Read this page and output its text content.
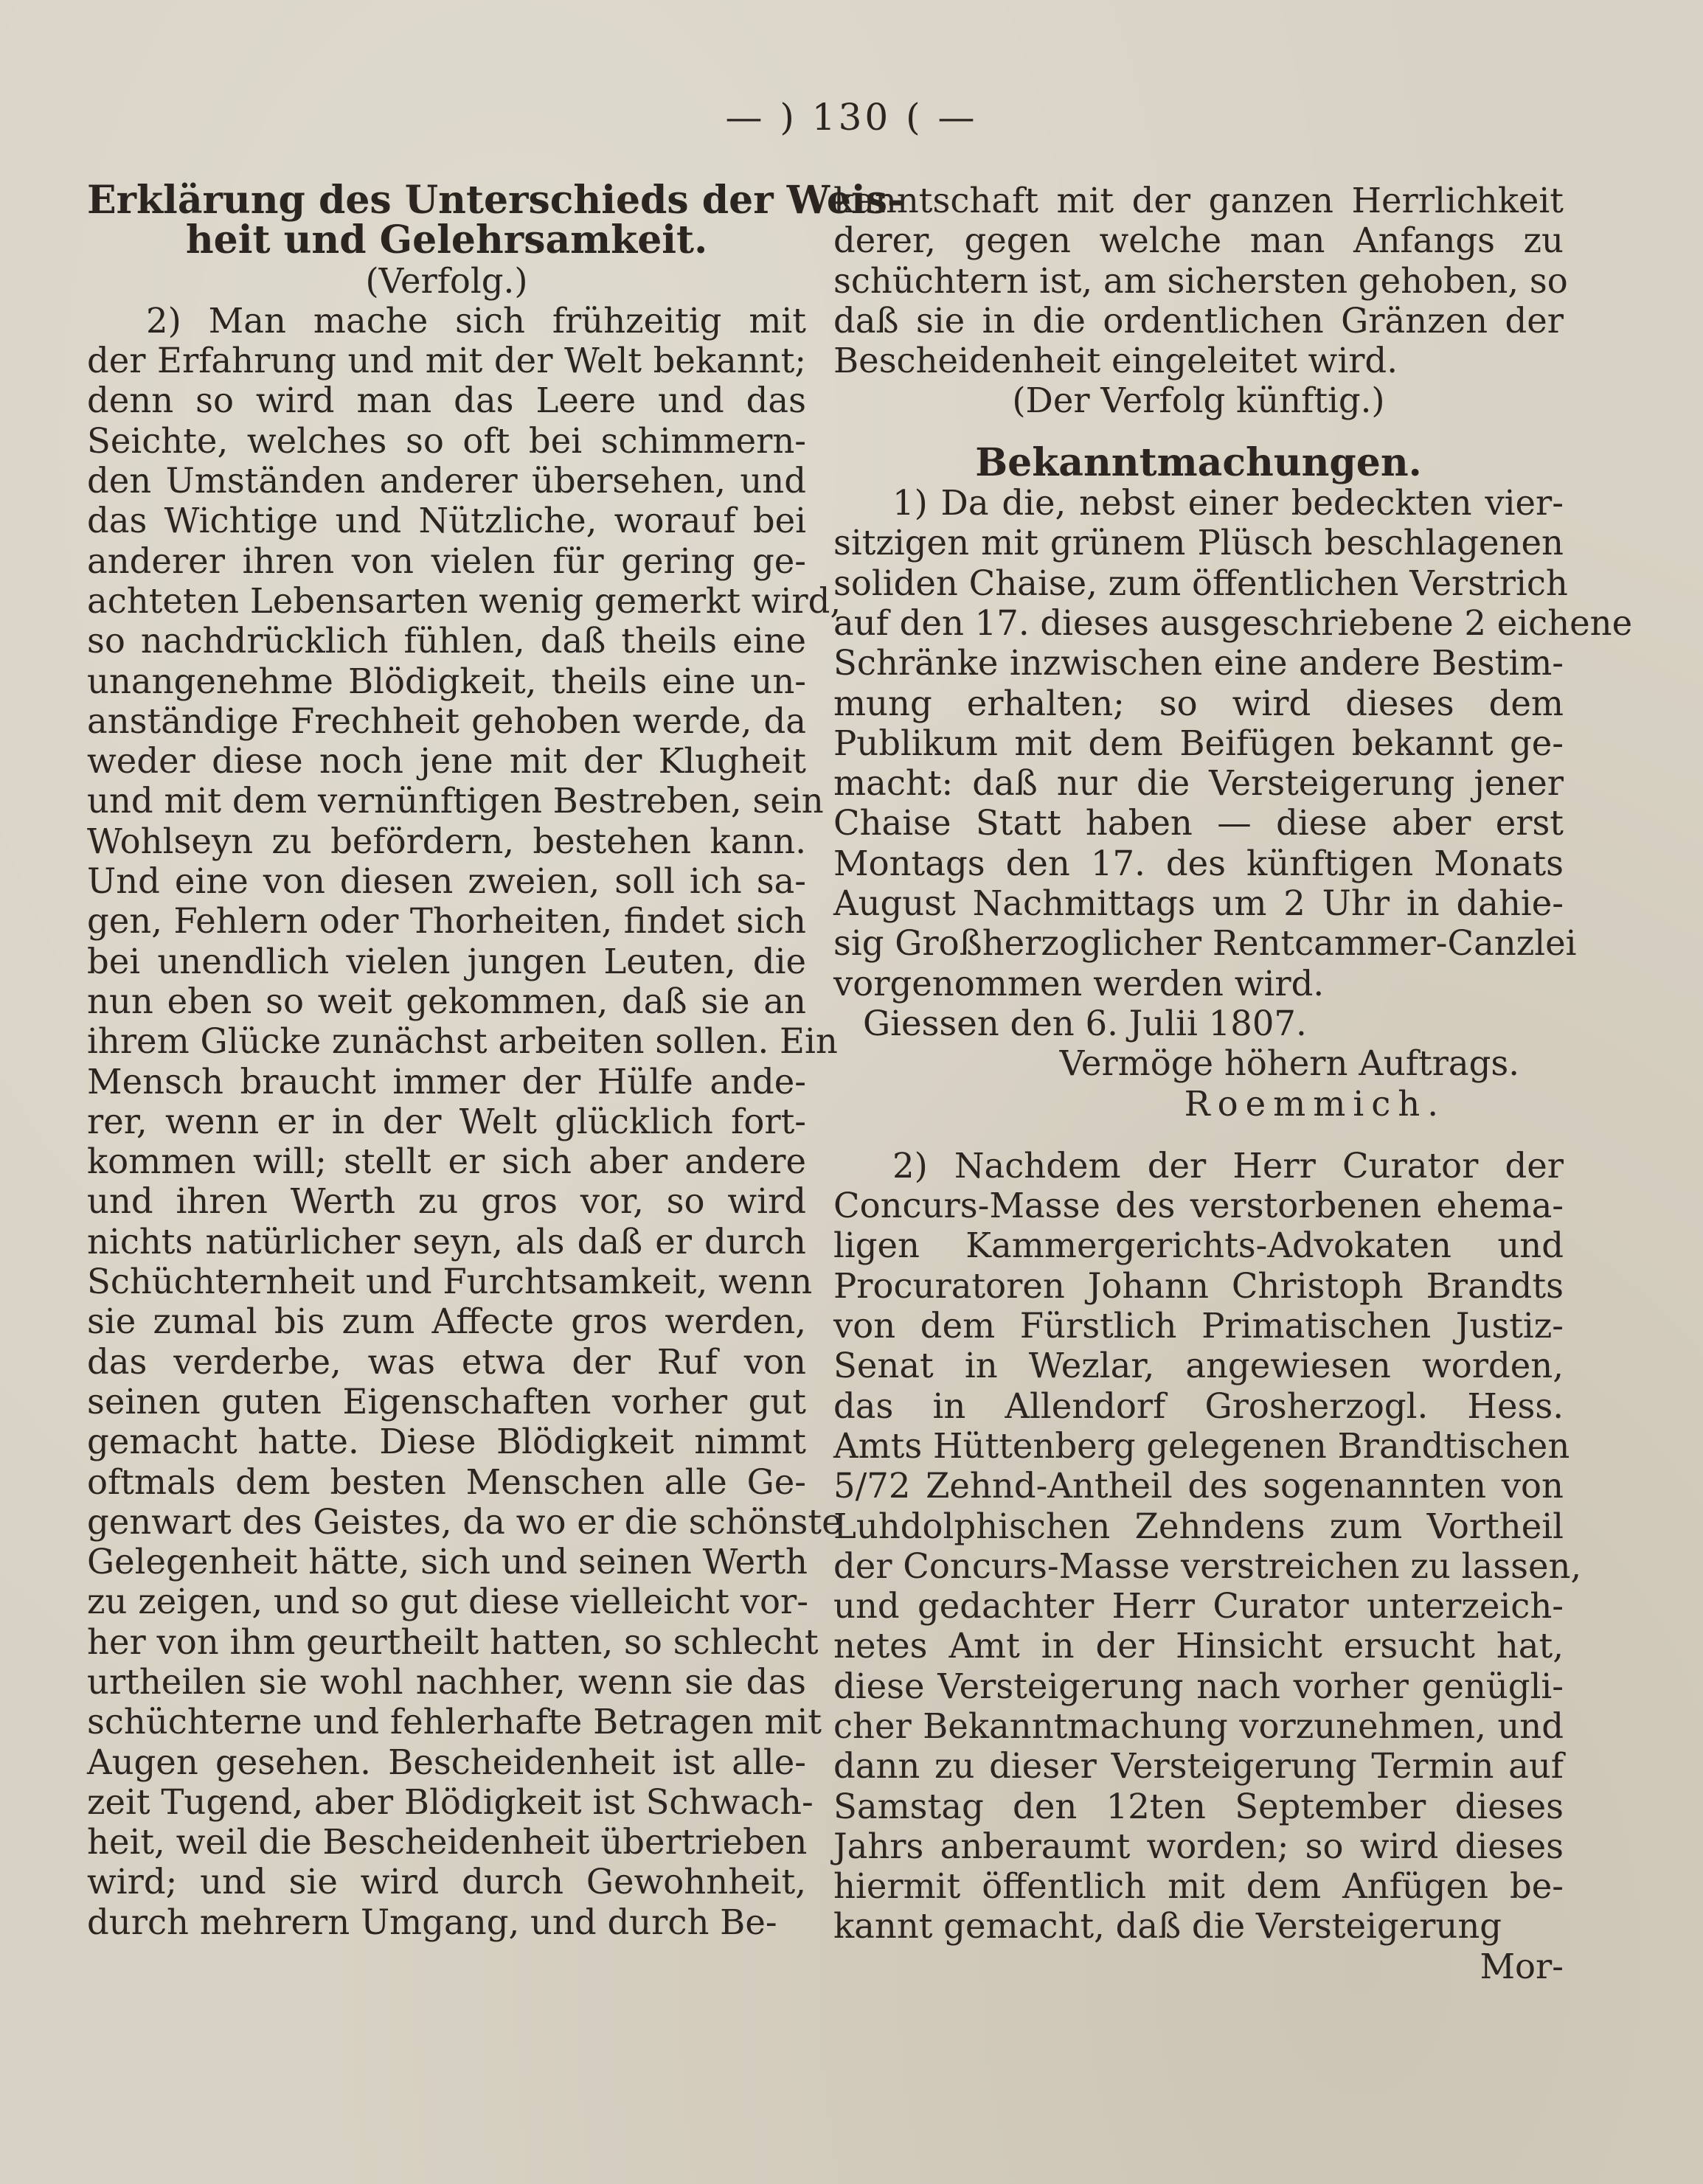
— ) 130 ( —
Erklärung des Unterschieds der Weis-
heit und Gelehrsamkeit.
(Verfolg.)
2) Man mache sich frühzeitig mit
der Erfahrung und mit der Welt bekannt;
denn so wird man das Leere und das
Seichte, welches so oft bei schimmern-
den Umständen anderer übersehen, und
das Wichtige und Nützliche, worauf bei
anderer ihren von vielen für gering ge-
achteten Lebensarten wenig gemerkt wird,
so nachdrücklich fühlen, daß theils eine
unangenehme Blödigkeit, theils eine un-
anständige Frechheit gehoben werde, da
weder diese noch jene mit der Klugheit
und mit dem vernünftigen Bestreben, sein
Wohlseyn zu befördern, bestehen kann.
Und eine von diesen zweien, soll ich sa-
gen, Fehlern oder Thorheiten, findet sich
bei unendlich vielen jungen Leuten, die
nun eben so weit gekommen, daß sie an
ihrem Glücke zunächst arbeiten sollen. Ein
Mensch braucht immer der Hülfe ande-
rer, wenn er in der Welt glücklich fort-
kommen will; stellt er sich aber andere
und ihren Werth zu gros vor, so wird
nichts natürlicher seyn, als daß er durch
Schüchternheit und Furchtsamkeit, wenn
sie zumal bis zum Affecte gros werden,
das verderbe, was etwa der Ruf von
seinen guten Eigenschaften vorher gut
gemacht hatte. Diese Blödigkeit nimmt
oftmals dem besten Menschen alle Ge-
genwart des Geistes, da wo er die schönste
Gelegenheit hätte, sich und seinen Werth
zu zeigen, und so gut diese vielleicht vor-
her von ihm geurtheilt hatten, so schlecht
urtheilen sie wohl nachher, wenn sie das
schüchterne und fehlerhafte Betragen mit
Augen gesehen. Bescheidenheit ist alle-
zeit Tugend, aber Blödigkeit ist Schwach-
heit, weil die Bescheidenheit übertrieben
wird; und sie wird durch Gewohnheit,
durch mehrern Umgang, und durch Be-
kanntschaft mit der ganzen Herrlichkeit
derer, gegen welche man Anfangs zu
schüchtern ist, am sichersten gehoben, so
daß sie in die ordentlichen Gränzen der
Bescheidenheit eingeleitet wird.
(Der Verfolg künftig.)
Bekanntmachungen.
1) Da die, nebst einer bedeckten vier-
sitzigen mit grünem Plüsch beschlagenen
soliden Chaise, zum öffentlichen Verstrich
auf den 17. dieses ausgeschriebene 2 eichene
Schränke inzwischen eine andere Bestim-
mung erhalten; so wird dieses dem
Publikum mit dem Beifügen bekannt ge-
macht: daß nur die Versteigerung jener
Chaise Statt haben — diese aber erst
Montags den 17. des künftigen Monats
August Nachmittags um 2 Uhr in dahie-
sig Großherzoglicher Rentcammer-Canzlei
vorgenommen werden wird.
Giessen den 6. Julii 1807.
Vermöge höhern Auftrags.
Roemmich.
2) Nachdem der Herr Curator der
Concurs-Masse des verstorbenen ehema-
ligen Kammergerichts-Advokaten und
Procuratoren Johann Christoph Brandts
von dem Fürstlich Primatischen Justiz-
Senat in Wezlar, angewiesen worden,
das in Allendorf Grosherzogl. Hess.
Amts Hüttenberg gelegenen Brandtischen
5/72 Zehnd-Antheil des sogenannten von
Luhdolphischen Zehndens zum Vortheil
der Concurs-Masse verstreichen zu lassen,
und gedachter Herr Curator unterzeich-
netes Amt in der Hinsicht ersucht hat,
diese Versteigerung nach vorher genügli-
cher Bekanntmachung vorzunehmen, und
dann zu dieser Versteigerung Termin auf
Samstag den 12ten September dieses
Jahrs anberaumt worden; so wird dieses
hiermit öffentlich mit dem Anfügen be-
kannt gemacht, daß die Versteigerung
Mor-
